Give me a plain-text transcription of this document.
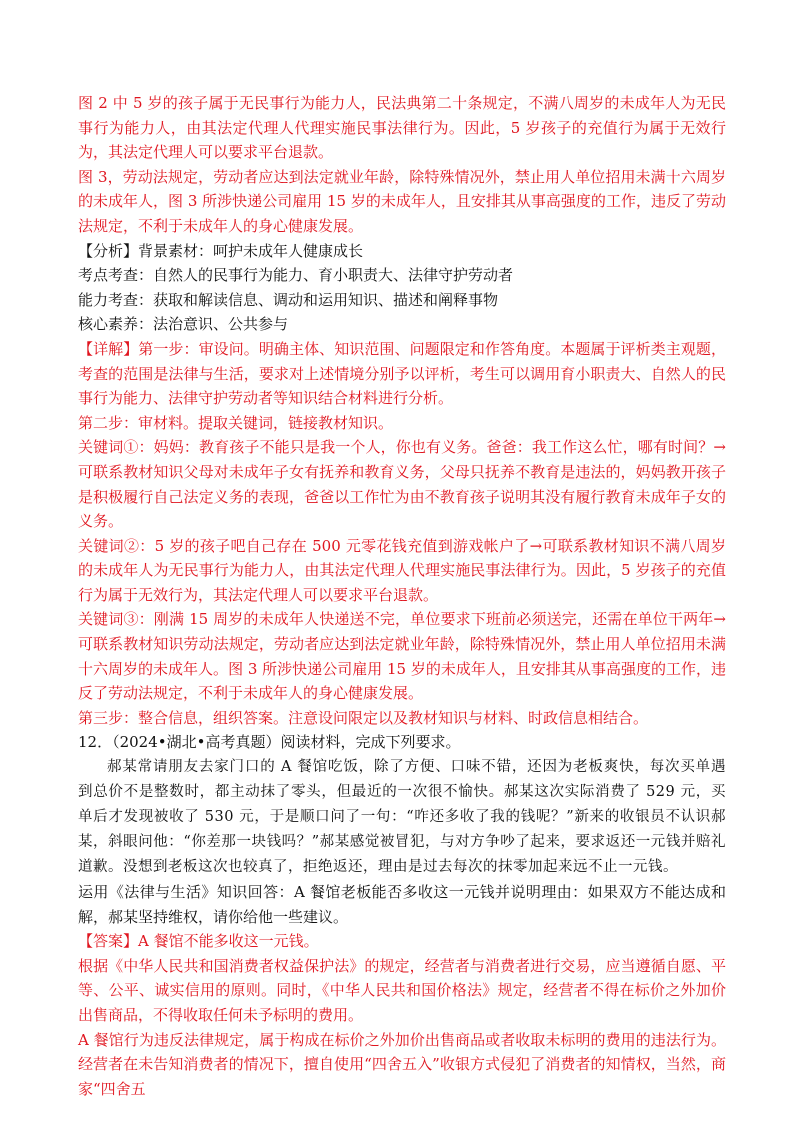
图 2 中 5 岁的孩子属于无民事行为能力人，民法典第二十条规定，不满八周岁的未成年人为无民事行为能力人，由其法定代理人代理实施民事法律行为。因此，5 岁孩子的充值行为属于无效行为，其法定代理人可以要求平台退款。

图 3，劳动法规定，劳动者应达到法定就业年龄，除特殊情况外，禁止用人单位招用未满十六周岁的未成年人，图 3 所涉快递公司雇用 15 岁的未成年人，且安排其从事高强度的工作，违反了劳动法规定，不利于未成年人的身心健康发展。

【分析】背景素材：呵护未成年人健康成长

考点考查：自然人的民事行为能力、育小职责大、法律守护劳动者

能力考查：获取和解读信息、调动和运用知识、描述和阐释事物

核心素养：法治意识、公共参与

【详解】第一步：审设问。明确主体、知识范围、问题限定和作答角度。本题属于评析类主观题，考查的范围是法律与生活，要求对上述情境分别予以评析，考生可以调用育小职责大、自然人的民事行为能力、法律守护劳动者等知识结合材料进行分析。

第二步：审材料。提取关键词，链接教材知识。

关键词①：妈妈：教育孩子不能只是我一个人，你也有义务。爸爸：我工作这么忙，哪有时间？→可联系教材知识父母对未成年子女有抚养和教育义务，父母只抚养不教育是违法的，妈妈教开孩子是积极履行自己法定义务的表现，爸爸以工作忙为由不教育孩子说明其没有履行教育未成年子女的义务。

关键词②：5 岁的孩子吧自己存在 500 元零花钱充值到游戏帐户了→可联系教材知识不满八周岁的未成年人为无民事行为能力人，由其法定代理人代理实施民事法律行为。因此，5 岁孩子的充值行为属于无效行为，其法定代理人可以要求平台退款。

关键词③：刚满 15 周岁的未成年人快递送不完，单位要求下班前必须送完，还需在单位干两年→可联系教材知识劳动法规定，劳动者应达到法定就业年龄，除特殊情况外，禁止用人单位招用未满十六周岁的未成年人。图 3 所涉快递公司雇用 15 岁的未成年人，且安排其从事高强度的工作，违反了劳动法规定，不利于未成年人的身心健康发展。

第三步：整合信息，组织答案。注意设问限定以及教材知识与材料、时政信息相结合。

12．（2024•湖北•高考真题）阅读材料，完成下列要求。

郝某常请朋友去家门口的 A 餐馆吃饭，除了方便、口味不错，还因为老板爽快，每次买单遇到总价不是整数时，都主动抹了零头，但最近的一次很不愉快。郝某这次实际消费了 529 元，买单后才发现被收了 530 元，于是顺口问了一句：“咋还多收了我的钱呢？”新来的收银员不认识郝某，斜眼问他：“你差那一块钱吗？”郝某感觉被冒犯，与对方争吵了起来，要求返还一元钱并赔礼道歉。没想到老板这次也较真了，拒绝返还，理由是过去每次的抹零加起来远不止一元钱。

运用《法律与生活》知识回答：A 餐馆老板能否多收这一元钱并说明理由：如果双方不能达成和解，郝某坚持维权，请你给他一些建议。

【答案】A 餐馆不能多收这一元钱。

根据《中华人民共和国消费者权益保护法》的规定，经营者与消费者进行交易，应当遵循自愿、平等、公平、诚实信用的原则。同时，《中华人民共和国价格法》规定，经营者不得在标价之外加价出售商品，不得收取任何未予标明的费用。

A 餐馆行为违反法律规定，属于构成在标价之外加价出售商品或者收取未标明的费用的违法行为。经营者在未告知消费者的情况下，擅自使用“四舍五入”收银方式侵犯了消费者的知情权，当然，商家“四舍五
